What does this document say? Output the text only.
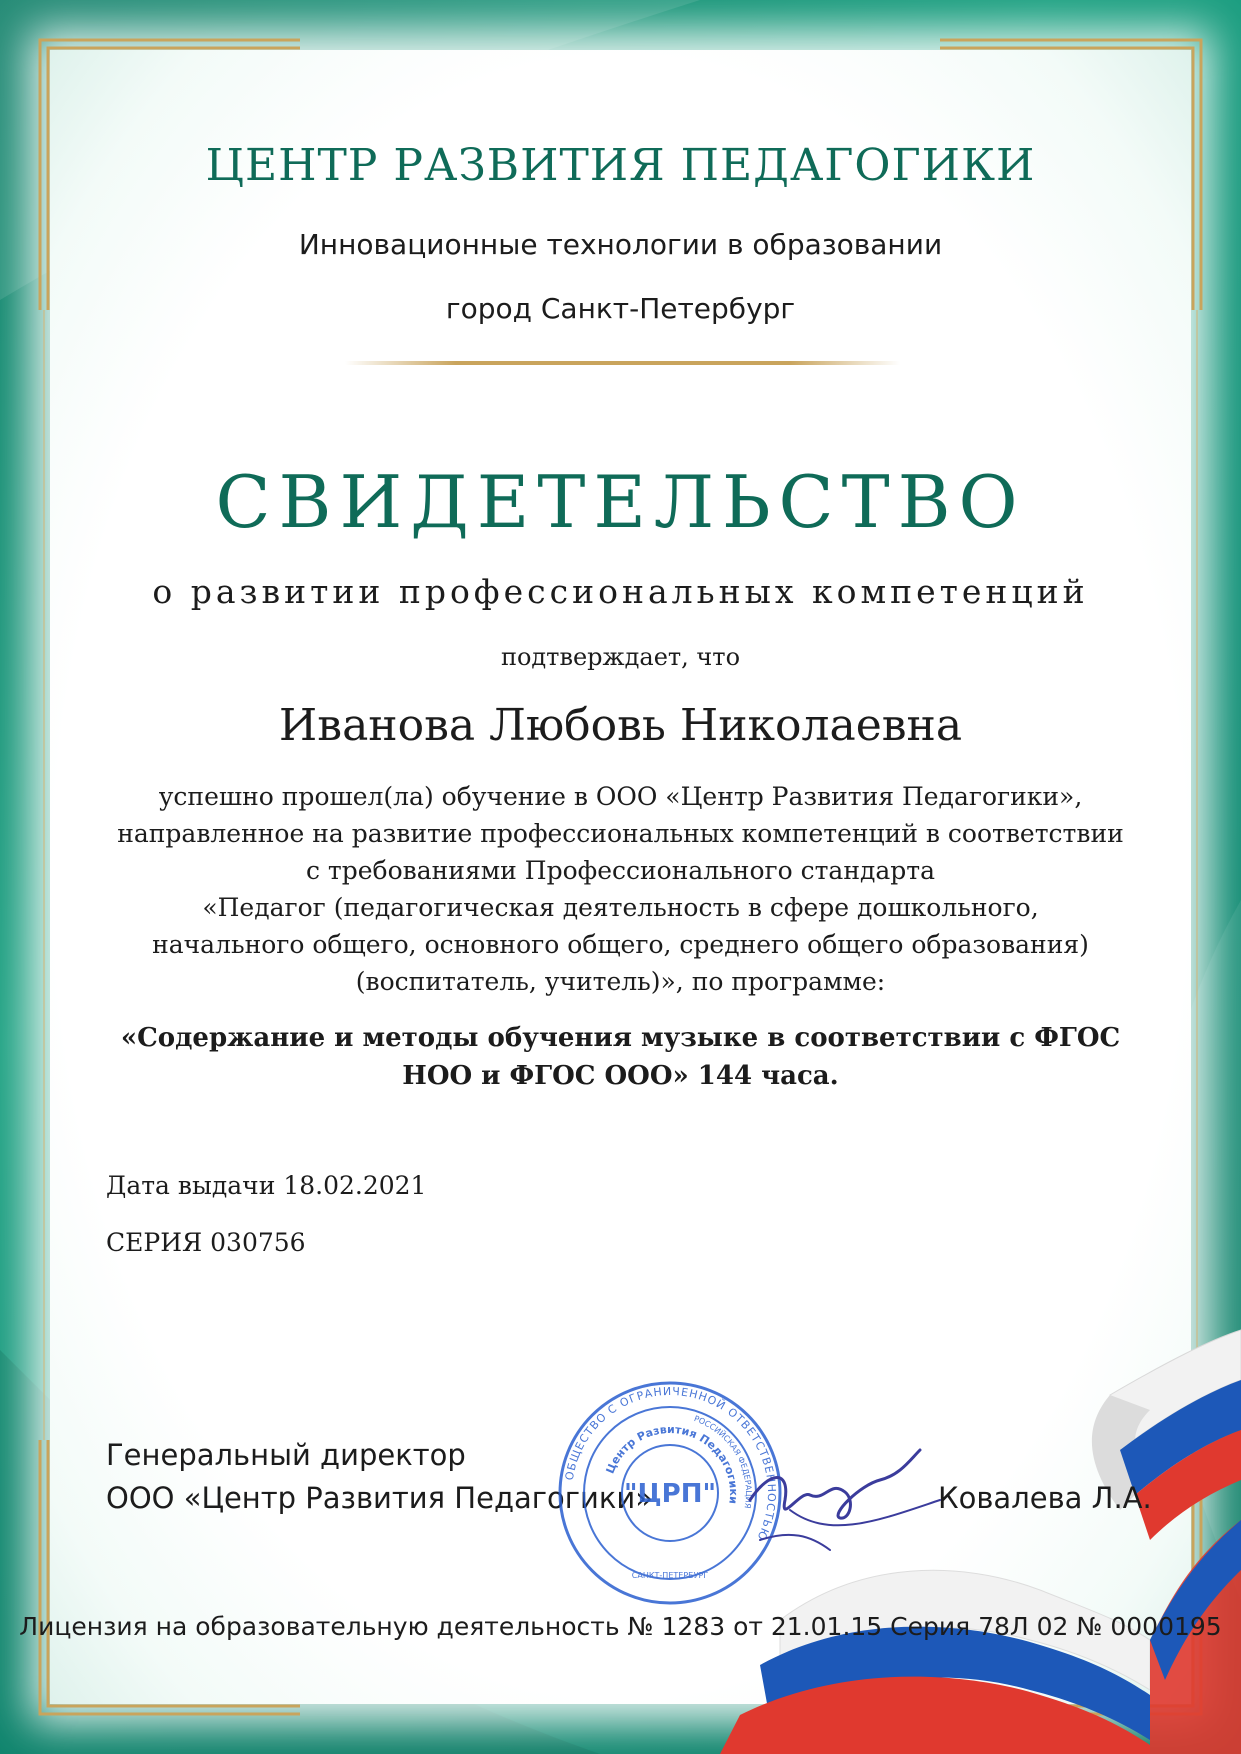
ЦЕНТР РАЗВИТИЯ ПЕДАГОГИКИ
Инновационные технологии в образовании
город Санкт-Петербург
СВИДЕТЕЛЬСТВО
о развитии профессиональных компетенций
подтверждает, что
Иванова Любовь Николаевна
успешно прошел(ла) обучение в ООО «Центр Развития Педагогики»,
направленное на развитие профессиональных компетенций в соответствии
с требованиями Профессионального стандарта
«Педагог (педагогическая деятельность в сфере дошкольного,
начального общего, основного общего, среднего общего образования)
(воспитатель, учитель)», по программе:
«Содержание и методы обучения музыке в соответствии с ФГОС
НОО и ФГОС ООО» 144 часа.
Дата выдачи 18.02.2021
СЕРИЯ 030756
Генеральный директор
ООО «Центр Развития Педагогики»	Ковалева Л.А.
ОБЩЕСТВО С ОГРАНИЧЕННОЙ ОТВЕТСТВЕННОСТЬЮ
РОССИЙСКАЯ ФЕДЕРАЦИЯ
Центр Развития Педагогики
"ЦРП"
САНКТ-ПЕТЕРБУРГ
Лицензия на образовательную деятельность № 1283 от 21.01.15 Серия 78Л 02 № 0000195
